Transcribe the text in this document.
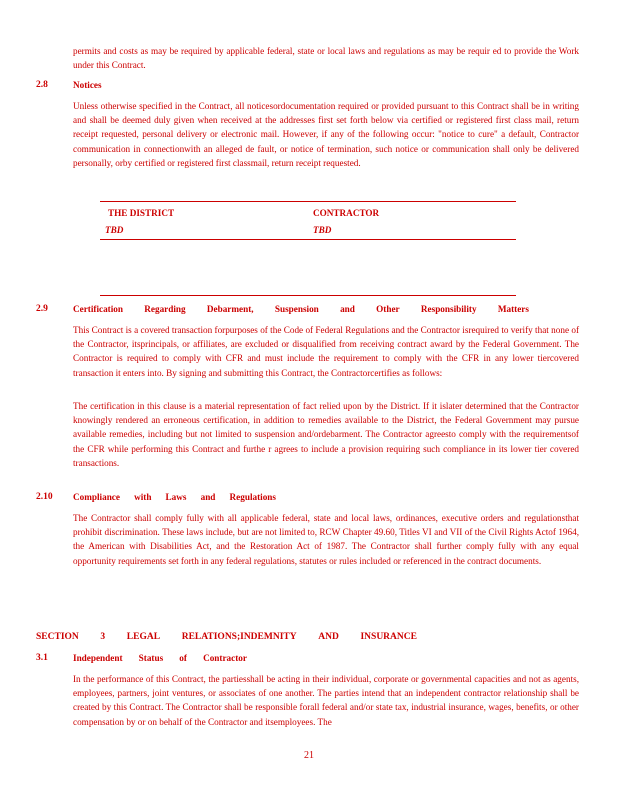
permits and costs as may be required by applicable federal, state or local laws and regulations as may be requir ed to provide the Work under this Contract.

2.8	Notices

Unless otherwise specified in the Contract, all noticesordocumentation required or provided pursuant to this Contract shall be in writing and shall be deemed duly given when received at the addresses first set forth below via certified or registered first class mail, return receipt requested, personal delivery or electronic mail. However, if any of the following occur: "notice to cure" a default, Contractor communication in connectionwith an alleged de fault, or notice of termination, such notice or communication shall only be delivered personally, orby certified or registered first classmail, return receipt requested.

THE DISTRICT	CONTRACTOR

TBD	TBD

2.9	Certification Regarding Debarment, Suspension and Other Responsibility Matters

This Contract is a covered transaction forpurposes of the Code of Federal Regulations and the Contractor isrequired to verify that none of the Contractor, itsprincipals, or affiliates, are excluded or disqualified from receiving contract award by the Federal Government. The Contractor is required to comply with CFR and must include the requirement to comply with the CFR in any lower tiercovered transaction it enters into. By signing and submitting this Contract, the Contractorcertifies as follows:

The certification in this clause is a material representation of fact relied upon by the District. If it islater determined that the Contractor knowingly rendered an erroneous certification, in addition to remedies available to the District, the Federal Government may pursue available remedies, including but not limited to suspension and/ordebarment. The Contractor agreesto comply with the requirementsof the CFR while performing this Contract and furthe r agrees to include a provision requiring such compliance in its lower tier covered transactions.

2.10 Compliance with Laws and Regulations

The Contractor shall comply fully with all applicable federal, state and local laws, ordinances, executive orders and regulationsthat prohibit discrimination. These laws include, but are not limited to, RCW Chapter 49.60, Titles VI and VII of the Civil Rights Actof 1964, the American with Disabilities Act, and the Restoration Act of 1987. The Contractor shall further comply fully with any equal opportunity requirements set forth in any federal regulations, statutes or rules included or referenced in the contract documents.

SECTION 3 LEGAL RELATIONS;INDEMNITY AND INSURANCE

3.1	Independent Status of Contractor

In the performance of this Contract, the partiesshall be acting in their individual, corporate or governmental capacities and not as agents, employees, partners, joint ventures, or associates of one another. The parties intend that an independent contractor relationship shall be created by this Contract. The Contractor shall be responsible forall federal and/or state tax, industrial insurance, wages, benefits, or other compensation by or on behalf of the Contractor and itsemployees. The

21
